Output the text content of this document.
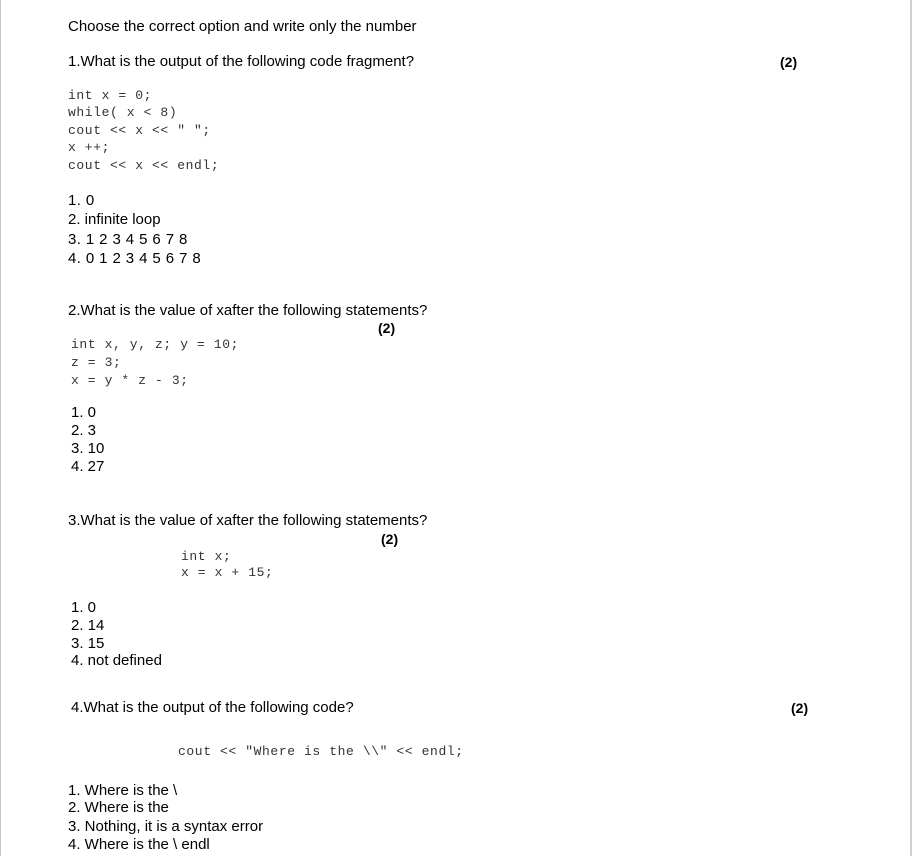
Choose the correct option and write only the number
1.What is the output of the following code fragment?	(2)
int x = 0;
while( x < 8)
cout << x << " ";
x ++;
cout << x << endl;
1. 0
2. infinite loop
3. 1 2 3 4 5 6 7 8
4. 0 1 2 3 4 5 6 7 8
2.What is the value of xafter the following statements?
(2)
int x, y, z; y = 10;
z = 3;
x = y * z - 3;
1. 0
2. 3
3. 10
4. 27
3.What is the value of xafter the following statements?
(2)
int x;
x = x + 15;
1. 0
2. 14
3. 15
4. not defined
4.What is the output of the following code?	(2)
cout << "Where is the \\" << endl;
1. Where is the \
2. Where is the
3. Nothing, it is a syntax error
4. Where is the \ endl
